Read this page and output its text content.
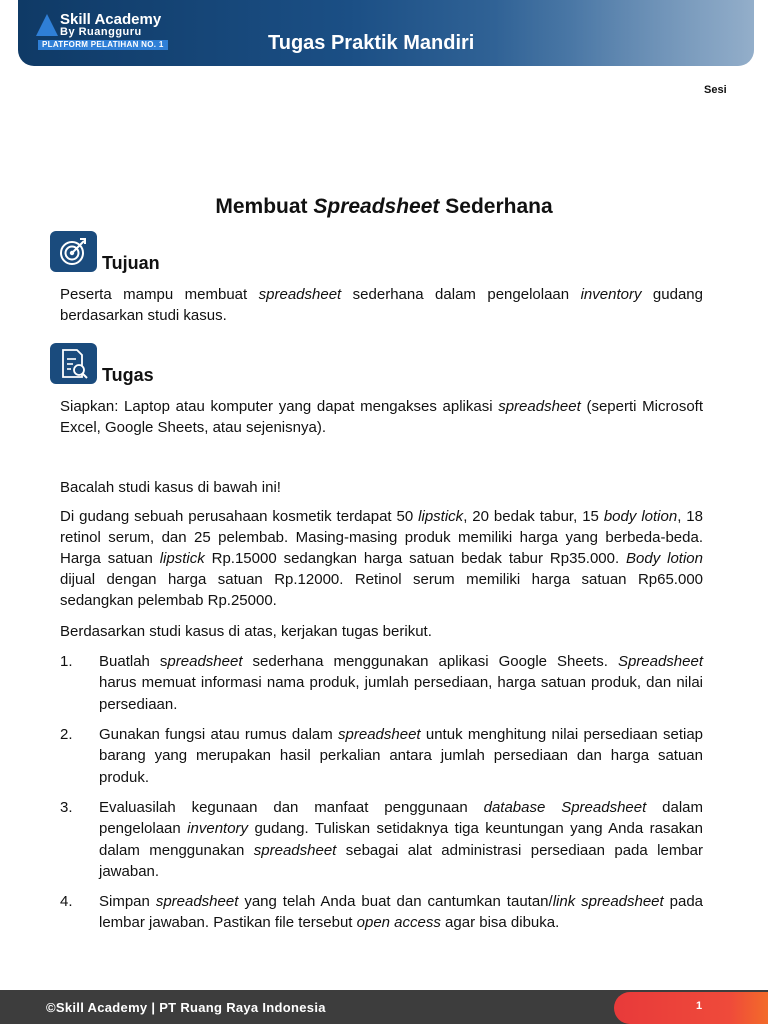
Skill Academy
By Ruangguru
PLATFORM PELATIHAN NO. 1	Tugas Praktik Mandiri
Sesi
Membuat Spreadsheet Sederhana
Tujuan

Peserta mampu membuat spreadsheet sederhana dalam pengelolaan inventory gudang berdasarkan studi kasus.

Tugas

Siapkan: Laptop atau komputer yang dapat mengakses aplikasi spreadsheet (seperti Microsoft Excel, Google Sheets, atau sejenisnya).

Bacalah studi kasus di bawah ini!

Di gudang sebuah perusahaan kosmetik terdapat 50 lipstick, 20 bedak tabur, 15 body lotion, 18 retinol serum, dan 25 pelembab. Masing-masing produk memiliki harga yang berbeda-beda. Harga satuan lipstick Rp.15000 sedangkan harga satuan bedak tabur Rp35.000. Body lotion dijual dengan harga satuan Rp.12000. Retinol serum memiliki harga satuan Rp65.000 sedangkan pelembab Rp.25000.

Berdasarkan studi kasus di atas, kerjakan tugas berikut.

1.	Buatlah spreadsheet sederhana menggunakan aplikasi Google Sheets. Spreadsheet harus memuat informasi nama produk, jumlah persediaan, harga satuan produk, dan nilai persediaan.
2.	Gunakan fungsi atau rumus dalam spreadsheet untuk menghitung nilai persediaan setiap barang yang merupakan hasil perkalian antara jumlah persediaan dan harga satuan produk.
3.	Evaluasilah kegunaan dan manfaat penggunaan database Spreadsheet dalam pengelolaan inventory gudang. Tuliskan setidaknya tiga keuntungan yang Anda rasakan dalam menggunakan spreadsheet sebagai alat administrasi persediaan pada lembar jawaban.
4.	Simpan spreadsheet yang telah Anda buat dan cantumkan tautan/link spreadsheet pada lembar jawaban. Pastikan file tersebut open access agar bisa dibuka.
©Skill Academy | PT Ruang Raya Indonesia	1
